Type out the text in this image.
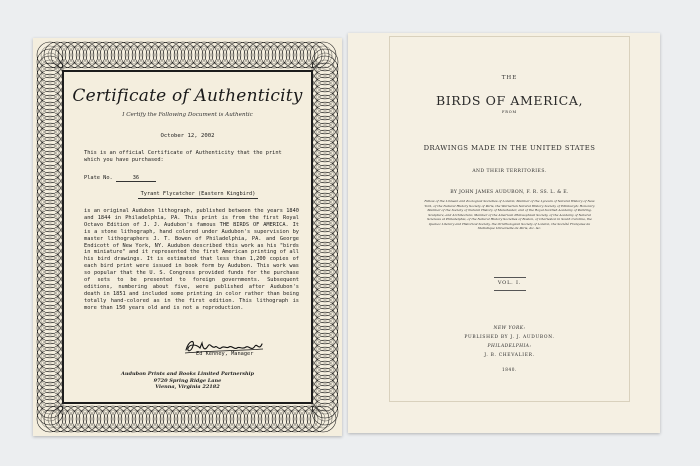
Certificate of Authenticity
I Certify the Following Document is Authentic
October 12, 2002
This is an official Certificate of Authenticity that the print which you have purchased:
Plate No.	36
Tyrant Flycatcher (Eastern Kingbird)
is an original Audubon lithograph, published between the years 1840 and 1844 in Philadelphia, PA. This print is from the first Royal Octavo Edition of J. J. Audubon's famous THE BIRDS OF AMERICA. It is a stone lithograph, hand colored under Audubon's supervision by master lithographers J. T. Bowen of Philadelphia, PA. and George Endicott of New York, NY. Audubon described this work as his "birds in miniature" and it represented the first American printing of all his bird drawings. It is estimated that less than 1,200 copies of each bird print were issued in book form by Audubon. This work was so popular that the U. S. Congress provided funds for the purchase of sets to be presented to foreign governments. Subsequent editions, numbering about five, were published after Audubon's death in 1851 and included some printing in color rather than being totally hand-colored as in the first edition. This lithograph is more than 150 years old and is not a reproduction.
Ed Kenney, Manager
Audubon Prints and Books Limited Partnership
9720 Spring Ridge Lane
Vienna, Virginia 22182
THE
BIRDS OF AMERICA,
FROM
DRAWINGS MADE IN THE UNITED STATES
AND THEIR TERRITORIES.
BY JOHN JAMES AUDUBON, F. R. SS. L. & E.
Fellow of the Linnean and Zoological Societies of London; Member of the Lyceum of Natural History of New York, of the Natural History Society of Paris, the Wernerian Natural History Society of Edinburgh; Honorary Member of the Society of Natural History of Manchester, and of the Royal Scottish Academy of Painting, Sculpture, and Architecture; Member of the American Philosophical Society, of the Academy of Natural Sciences at Philadelphia, of the Natural History Societies of Boston, of Charleston in South Carolina, the Quebec Literary and Historical Society, the Ornithological Society of London, the Société Française de Statistique Universelle de Paris, &c. &c.
VOL. I.
NEW YORK:
PUBLISHED BY J. J. AUDUBON.
PHILADELPHIA:
J. B. CHEVALIER.
1840.
